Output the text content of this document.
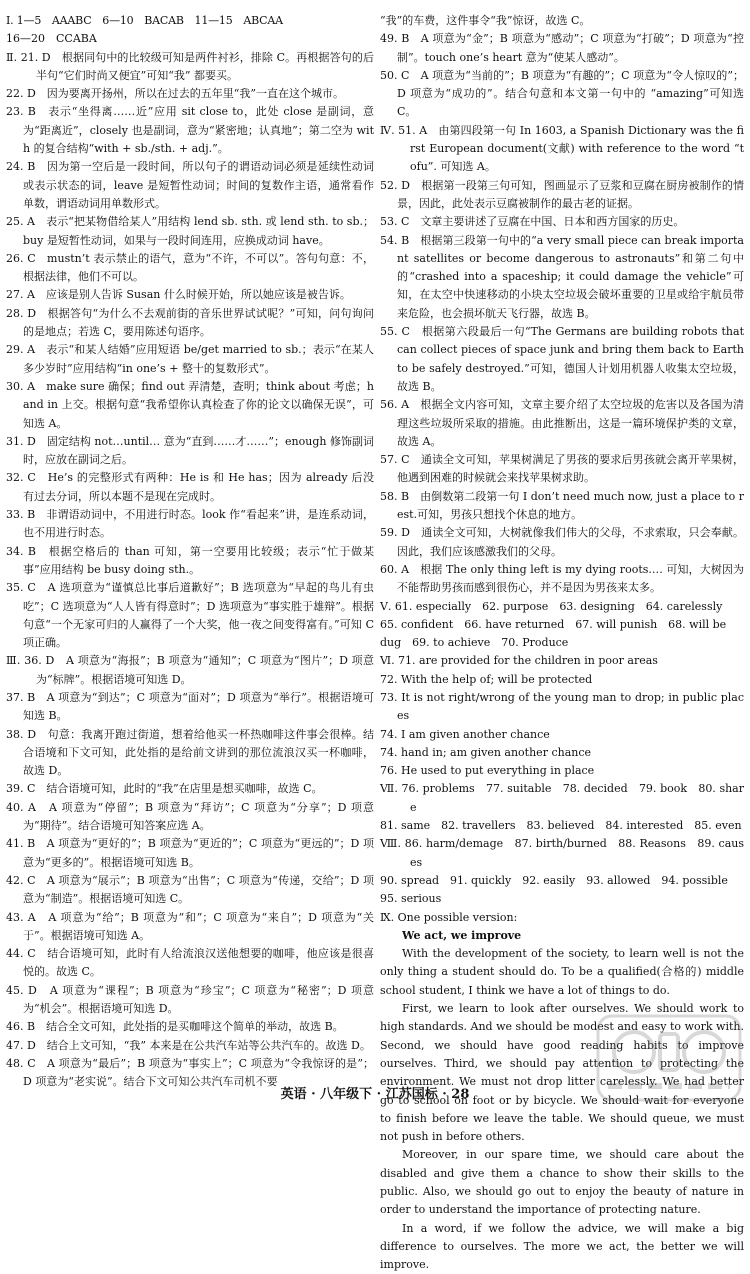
Ⅰ. 1—5　AAABC　6—10　BACAB　11—15　ABCAA

16—20　CCABA

Ⅱ. 21. D　根据同句中的比较级可知是两件衬衫，排除 C。再根据答句的后半句“它们时尚又便宜”可知“我” 都要买。

22. D　因为要离开扬州，所以在过去的五年里“我”一直在这个城市。

23. B　表示“坐得离……近”应用 sit close to，此处 close 是副词，意为“距离近”，closely 也是副词，意为“紧密地；认真地”；第二空为 with 的复合结构“with + sb./sth. + adj.”。

24. B　因为第一空后是一段时间，所以句子的谓语动词必须是延续性动词或表示状态的词，leave 是短暂性动词；时间的复数作主语，通常看作单数，谓语动词用单数形式。

25. A　表示“把某物借给某人”用结构 lend sb. sth. 或 lend sth. to sb.；buy 是短暂性动词，如果与一段时间连用，应换成动词 have。

26. C　mustn’t 表示禁止的语气，意为“不许，不可以”。答句句意：不，根据法律，他们不可以。

27. A　应该是别人告诉 Susan 什么时候开始，所以她应该是被告诉。

28. D　根据答句“为什么不去观前街的音乐世界试试呢？”可知，问句询问的是地点；若选 C，要用陈述句语序。

29. A　表示“和某人结婚”应用短语 be/get married to sb.；表示“在某人多少岁时”应用结构“in one’s + 整十的复数形式”。

30. A　make sure 确保；find out 弄清楚，查明；think about 考虑；hand in 上交。根据句意“我希望你认真检查了你的论文以确保无误”，可知选 A。

31. D　固定结构 not…until… 意为“直到……才……”；enough 修饰副词时，应放在副词之后。

32. C　He’s 的完整形式有两种：He is 和 He has；因为 already 后没有过去分词，所以本题不是现在完成时。

33. B　非谓语动词中，不用进行时态。look 作“看起来”讲，是连系动词，也不用进行时态。

34. B　根据空格后的 than 可知，第一空要用比较级；表示“忙于做某事”应用结构 be busy doing sth.。

35. C　A 选项意为“谨慎总比事后道歉好”；B 选项意为“早起的鸟儿有虫吃”；C 选项意为“人人皆有得意时”；D 选项意为“事实胜于雄辩”。根据句意“一个无家可归的人赢得了一个大奖，他一夜之间变得富有。”可知 C 项正确。

Ⅲ. 36. D　A 项意为“海报”；B 项意为“通知”；C 项意为“图片”；D 项意为“标牌”。根据语境可知选 D。

37. B　A 项意为“到达”；C 项意为“面对”；D 项意为“举行”。根据语境可知选 B。

38. D　句意：我离开跑过街道，想着给他买一杯热咖啡这件事会很棒。结合语境和下文可知，此处指的是给前文讲到的那位流浪汉买一杯咖啡，故选 D。

39. C　结合语境可知，此时的“我”在店里是想买咖啡，故选 C。

40. A　A 项意为“停留”；B 项意为“拜访”；C 项意为“分享”；D 项意为“期待”。结合语境可知答案应选 A。

41. B　A 项意为“更好的”；B 项意为“更近的”；C 项意为“更远的”；D 项意为“更多的”。根据语境可知选 B。

42. C　A 项意为“展示”；B 项意为“出售”；C 项意为“传递，交给”；D 项意为“制造”。根据语境可知选 C。

43. A　A 项意为“给”；B 项意为“和”；C 项意为“来自”；D 项意为“关于”。根据语境可知选 A。

44. C　结合语境可知，此时有人给流浪汉送他想要的咖啡，他应该是很喜悦的。故选 C。

45. D　A 项意为“课程”；B 项意为“珍宝”；C 项意为“秘密”；D 项意为“机会”。根据语境可知选 D。

46. B　结合全文可知，此处指的是买咖啡这个简单的举动，故选 B。

47. D　结合上文可知，“我” 本来是在公共汽车站等公共汽车的。故选 D。

48. C　A 项意为“最后”；B 项意为“事实上”；C 项意为“令我惊讶的是”；D 项意为“老实说”。结合下文可知公共汽车司机不要

“我”的车费，这件事令“我”惊讶，故选 C。

49. B　A 项意为“金”；B 项意为“感动”；C 项意为“打破”；D 项意为“控制”。touch one’s heart 意为“使某人感动”。

50. C　A 项意为“当前的”；B 项意为“有趣的”；C 项意为“令人惊叹的”；D 项意为“成功的”。结合句意和本文第一句中的 “amazing”可知选 C。

Ⅳ. 51. A　由第四段第一句 In 1603, a Spanish Dictionary was the first European document(文献) with reference to the word “tofu”. 可知选 A。

52. D　根据第一段第三句可知，图画显示了豆浆和豆腐在厨房被制作的情景，因此，此处表示豆腐被制作的最古老的证据。

53. C　文章主要讲述了豆腐在中国、日本和西方国家的历史。

54. B　根据第三段第一句中的“a very small piece can break important satellites or become dangerous to astronauts”和第二句中的“crashed into a spaceship; it could damage the vehicle”可知，在太空中快速移动的小块太空垃圾会破坏重要的卫星或给宇航员带来危险，也会损坏航天飞行器，故选 B。

55. C　根据第六段最后一句“The Germans are building robots that can collect pieces of space junk and bring them back to Earth to be safely destroyed.”可知，德国人计划用机器人收集太空垃圾，故选 B。

56. A　根据全文内容可知，文章主要介绍了太空垃圾的危害以及各国为清理这些垃圾所采取的措施。由此推断出，这是一篇环境保护类的文章，故选 A。

57. C　通读全文可知，苹果树满足了男孩的要求后男孩就会离开苹果树，他遇到困难的时候就会来找苹果树求助。

58. B　由倒数第二段第一句 I don’t need much now, just a place to rest.可知，男孩只想找个休息的地方。

59. D　通读全文可知，大树就像我们伟大的父母，不求索取，只会奉献。因此，我们应该感激我们的父母。

60. A　根据 The only thing left is my dying roots.… 可知，大树因为不能帮助男孩而感到很伤心，并不是因为男孩来太多。

Ⅴ. 61. especially　62. purpose　63. designing　64. carelessly

65. confident　66. have returned　67. will punish　68. will be

dug　69. to achieve　70. Produce

Ⅵ. 71. are provided for the children in poor areas

72. With the help of; will be protected

73. It is not right/wrong of the young man to drop; in public places

74. I am given another chance

74. hand in; am given another chance

76. He used to put everything in place

Ⅶ. 76. problems　77. suitable　78. decided　79. book　80. share

81. same　82. travellers　83. believed　84. interested　85. even

Ⅷ. 86. harm/demage　87. birth/burned　88. Reasons　89. causes

90. spread　91. quickly　92. easily　93. allowed　94. possible

95. serious

Ⅸ. One possible version:

We act, we improve

With the development of the society, to learn well is not the only thing a student should do. To be a qualified(合格的) middle school student, I think we have a lot of things to do.

First, we learn to look after ourselves. We should work to high standards. And we should be modest and easy to work with. Second, we should have good reading habits to improve ourselves. Third, we should pay attention to protecting the environment. We must not drop litter carelessly. We had better go to school on foot or by bicycle. We should wait for everyone to finish before we leave the table. We should queue, we must not push in before others.

Moreover, in our spare time, we should care about the disabled and give them a chance to show their skills to the public. Also, we should go out to enjoy the beauty of nature in order to understand the importance of protecting nature.

In a word, if we follow the advice, we will make a big difference to ourselves. The more we act, the better we will improve.

英语 · 八年级下 · 江苏国标 · 28
